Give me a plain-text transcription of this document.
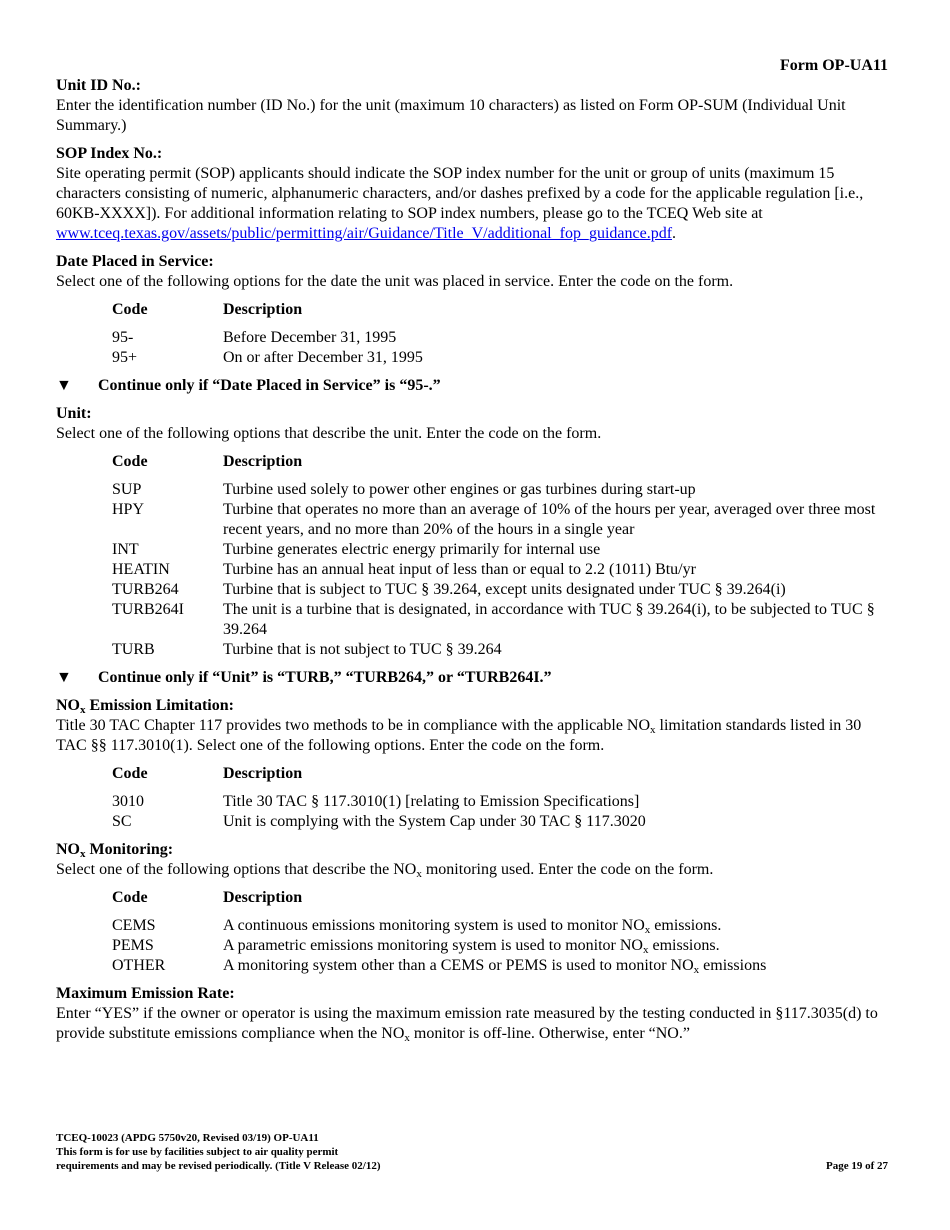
Form OP-UA11

Unit ID No.:

Enter the identification number (ID No.) for the unit (maximum 10 characters) as listed on Form OP-SUM (Individual Unit Summary.)

SOP Index No.:

Site operating permit (SOP) applicants should indicate the SOP index number for the unit or group of units (maximum 15 characters consisting of numeric, alphanumeric characters, and/or dashes prefixed by a code for the applicable regulation [i.e., 60KB-XXXX]). For additional information relating to SOP index numbers, please go to the TCEQ Web site at www.tceq.texas.gov/assets/public/permitting/air/Guidance/Title_V/additional_fop_guidance.pdf.

Date Placed in Service:

Select one of the following options for the date the unit was placed in service. Enter the code on the form.

Code	Description
95-	Before December 31, 1995
95+	On or after December 31, 1995
▼	Continue only if “Date Placed in Service” is “95-.”

Unit:

Select one of the following options that describe the unit. Enter the code on the form.

Code	Description
SUP	Turbine used solely to power other engines or gas turbines during start-up
HPY	Turbine that operates no more than an average of 10% of the hours per year, averaged over three most recent years, and no more than 20% of the hours in a single year
INT	Turbine generates electric energy primarily for internal use
HEATIN	Turbine has an annual heat input of less than or equal to 2.2 (1011) Btu/yr
TURB264	Turbine that is subject to TUC § 39.264, except units designated under TUC § 39.264(i)
TURB264I	The unit is a turbine that is designated, in accordance with TUC § 39.264(i), to be subjected to TUC § 39.264
TURB	Turbine that is not subject to TUC § 39.264
▼	Continue only if “Unit” is “TURB,” “TURB264,” or “TURB264I.”

$NO_x$ Emission Limitation:

Title 30 TAC Chapter 117 provides two methods to be in compliance with the applicable $NO_x$ limitation standards listed in 30 TAC §§ 117.3010(1). Select one of the following options. Enter the code on the form.

Code	Description
3010	Title 30 TAC § 117.3010(1) [relating to Emission Specifications]
SC	Unit is complying with the System Cap under 30 TAC § 117.3020

$NO_x$ Monitoring:

Select one of the following options that describe the $NO_x$ monitoring used. Enter the code on the form.

Code	Description
CEMS	A continuous emissions monitoring system is used to monitor $NO_x$ emissions.
PEMS	A parametric emissions monitoring system is used to monitor $NO_x$ emissions.
OTHER	A monitoring system other than a CEMS or PEMS is used to monitor $NO_x$ emissions

Maximum Emission Rate:

Enter “YES” if the owner or operator is using the maximum emission rate measured by the testing conducted in §117.3035(d) to provide substitute emissions compliance when the $NO_x$ monitor is off-line. Otherwise, enter “NO.”

TCEQ-10023 (APDG 5750v20, Revised 03/19) OP-UA11
This form is for use by facilities subject to air quality permit
requirements and may be revised periodically. (Title V Release 02/12)	Page 19 of 27
